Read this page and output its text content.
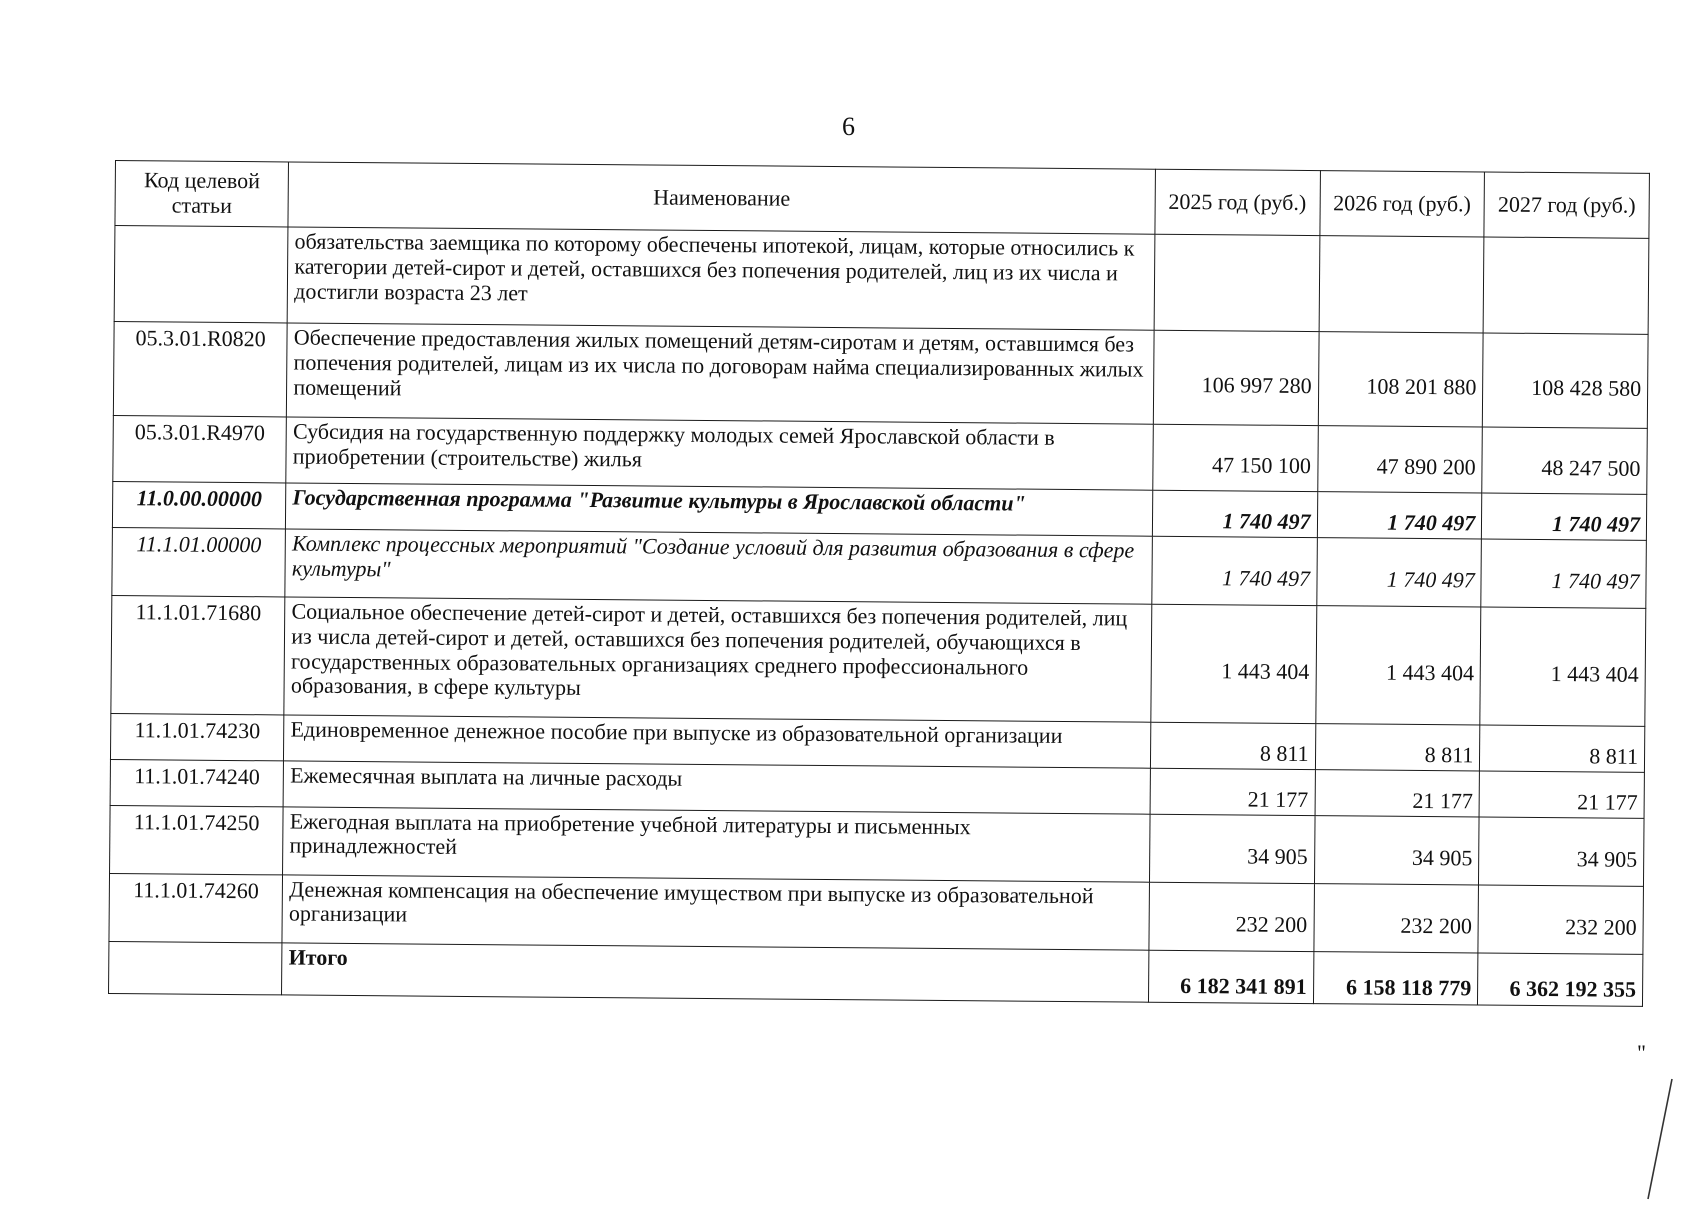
6
Код целевой статьи	Наименование	2025 год (руб.)	2026 год (руб.)	2027 год (руб.)
	обязательства заемщика по которому обеспечены ипотекой, лицам, которые относились к категории детей-сирот и детей, оставшихся без попечения родителей, лиц из их числа и достигли возраста 23 лет			
05.3.01.R0820	Обеспечение предоставления жилых помещений детям-сиротам и детям, оставшимся без попечения родителей, лицам из их числа по договорам найма специализированных жилых помещений	106 997 280	108 201 880	108 428 580
05.3.01.R4970	Субсидия на государственную поддержку молодых семей Ярославской области в приобретении (строительстве) жилья	47 150 100	47 890 200	48 247 500
11.0.00.00000	Государственная программа "Развитие культуры в Ярославской области"	1 740 497	1 740 497	1 740 497
11.1.01.00000	Комплекс процессных мероприятий "Создание условий для развития образования в сфере культуры"	1 740 497	1 740 497	1 740 497
11.1.01.71680	Социальное обеспечение детей-сирот и детей, оставшихся без попечения родителей, лиц из числа детей-сирот и детей, оставшихся без попечения родителей, обучающихся в государственных образовательных организациях среднего профессионального образования, в сфере культуры	1 443 404	1 443 404	1 443 404
11.1.01.74230	Единовременное денежное пособие при выпуске из образовательной организации	8 811	8 811	8 811
11.1.01.74240	Ежемесячная выплата на личные расходы	21 177	21 177	21 177
11.1.01.74250	Ежегодная выплата на приобретение учебной литературы и письменных принадлежностей	34 905	34 905	34 905
11.1.01.74260	Денежная компенсация на обеспечение имуществом при выпуске из образовательной организации	232 200	232 200	232 200
	Итого	6 182 341 891	6 158 118 779	6 362 192 355
"
